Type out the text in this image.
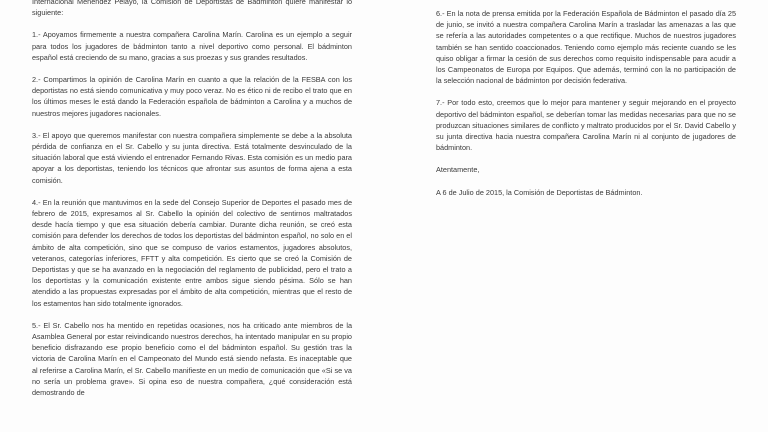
Internacional Menéndez Pelayo, la Comisión de Deportistas de Bádminton quiere manifestar lo siguiente:

1.- Apoyamos firmemente a nuestra compañera Carolina Marín. Carolina es un ejemplo a seguir para todos los jugadores de bádminton tanto a nivel deportivo como personal. El bádminton español está creciendo de su mano, gracias a sus proezas y sus grandes resultados.

2.- Compartimos la opinión de Carolina Marín en cuanto a que la relación de la FESBA con los deportistas no está siendo comunicativa y muy poco veraz. No es ético ni de recibo el trato que en los últimos meses le está dando la Federación española de bádminton a Carolina y a muchos de nuestros mejores jugadores nacionales.

3.- El apoyo que queremos manifestar con nuestra compañera simplemente se debe a la absoluta pérdida de confianza en el Sr. Cabello y su junta directiva. Está totalmente desvinculado de la situación laboral que está viviendo el entrenador Fernando Rivas. Esta comisión es un medio para apoyar a los deportistas, teniendo los técnicos que afrontar sus asuntos de forma ajena a esta comisión.

4.- En la reunión que mantuvimos en la sede del Consejo Superior de Deportes el pasado mes de febrero de 2015, expresamos al Sr. Cabello la opinión del colectivo de sentirnos maltratados desde hacía tiempo y que esa situación debería cambiar. Durante dicha reunión, se creó esta comisión para defender los derechos de todos los deportistas del bádminton español, no solo en el ámbito de alta competición, sino que se compuso de varios estamentos, jugadores absolutos, veteranos, categorías inferiores, FFTT y alta competición. Es cierto que se creó la Comisión de Deportistas y que se ha avanzado en la negociación del reglamento de publicidad, pero el trato a los deportistas y la comunicación existente entre ambos sigue siendo pésima. Sólo se han atendido a las propuestas expresadas por el ámbito de alta competición, mientras que el resto de los estamentos han sido totalmente ignorados.

5.- El Sr. Cabello nos ha mentido en repetidas ocasiones, nos ha criticado ante miembros de la Asamblea General por estar reivindicando nuestros derechos, ha intentado manipular en su propio beneficio disfrazando ese propio beneficio como el del bádminton español. Su gestión tras la victoria de Carolina Marín en el Campeonato del Mundo está siendo nefasta. Es inaceptable que al referirse a Carolina Marín, el Sr. Cabello manifieste en un medio de comunicación que «Si se va no sería un problema grave». Si opina eso de nuestra compañera, ¿qué consideración está demostrando de

6.- En la nota de prensa emitida por la Federación Española de Bádminton el pasado día 25 de junio, se invitó a nuestra compañera Carolina Marín a trasladar las amenazas a las que se refería a las autoridades competentes o a que rectifique. Muchos de nuestros jugadores también se han sentido coaccionados. Teniendo como ejemplo más reciente cuando se les quiso obligar a firmar la cesión de sus derechos como requisito indispensable para acudir a los Campeonatos de Europa por Equipos. Que además, terminó con la no participación de la selección nacional de bádminton por decisión federativa.

7.- Por todo esto, creemos que lo mejor para mantener y seguir mejorando en el proyecto deportivo del bádminton español, se deberían tomar las medidas necesarias para que no se produzcan situaciones similares de conflicto y maltrato producidos por el Sr. David Cabello y su junta directiva hacia nuestra compañera Carolina Marín ni al conjunto de jugadores de bádminton.

Atentamente,

A 6 de Julio de 2015, la Comisión de Deportistas de Bádminton.
